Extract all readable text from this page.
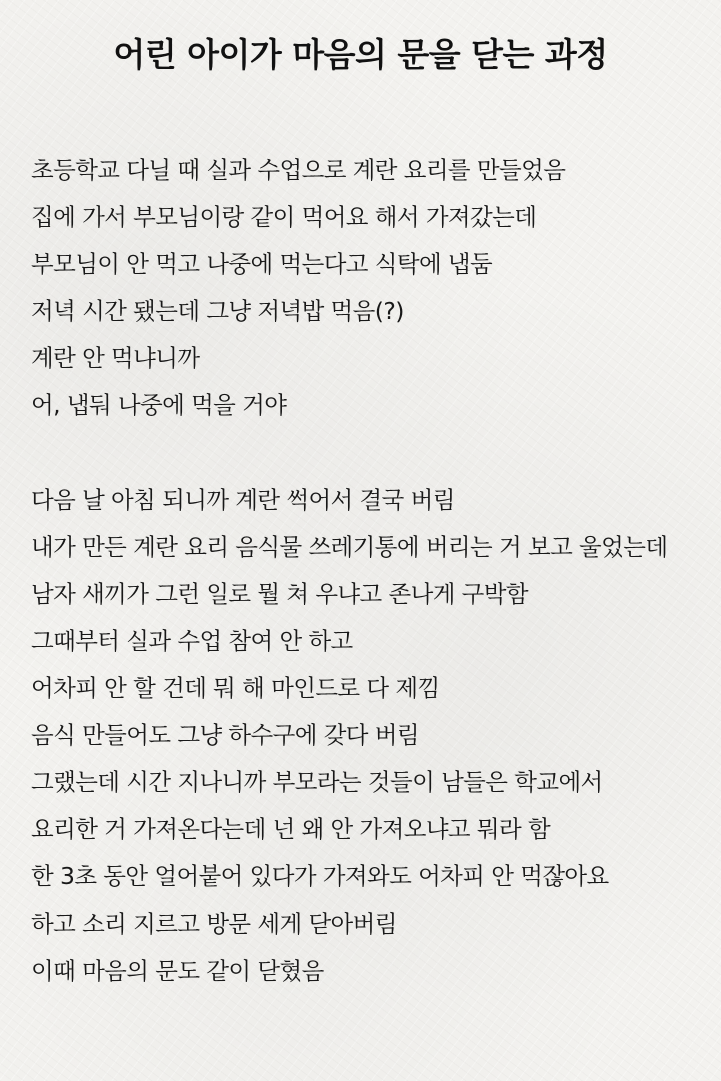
어린 아이가 마음의 문을 닫는 과정
초등학교 다닐 때 실과 수업으로 계란 요리를 만들었음
집에 가서 부모님이랑 같이 먹어요 해서 가져갔는데
부모님이 안 먹고 나중에 먹는다고 식탁에 냅둠
저녁 시간 됐는데 그냥 저녁밥 먹음(?)
계란 안 먹냐니까
어, 냅둬 나중에 먹을 거야
다음 날 아침 되니까 계란 썩어서 결국 버림
내가 만든 계란 요리 음식물 쓰레기통에 버리는 거 보고 울었는데
남자 새끼가 그런 일로 뭘 쳐 우냐고 존나게 구박함
그때부터 실과 수업 참여 안 하고
어차피 안 할 건데 뭐 해 마인드로 다 제낌
음식 만들어도 그냥 하수구에 갖다 버림
그랬는데 시간 지나니까 부모라는 것들이 남들은 학교에서
요리한 거 가져온다는데 넌 왜 안 가져오냐고 뭐라 함
한 3초 동안 얼어붙어 있다가 가져와도 어차피 안 먹잖아요
하고 소리 지르고 방문 세게 닫아버림
이때 마음의 문도 같이 닫혔음
